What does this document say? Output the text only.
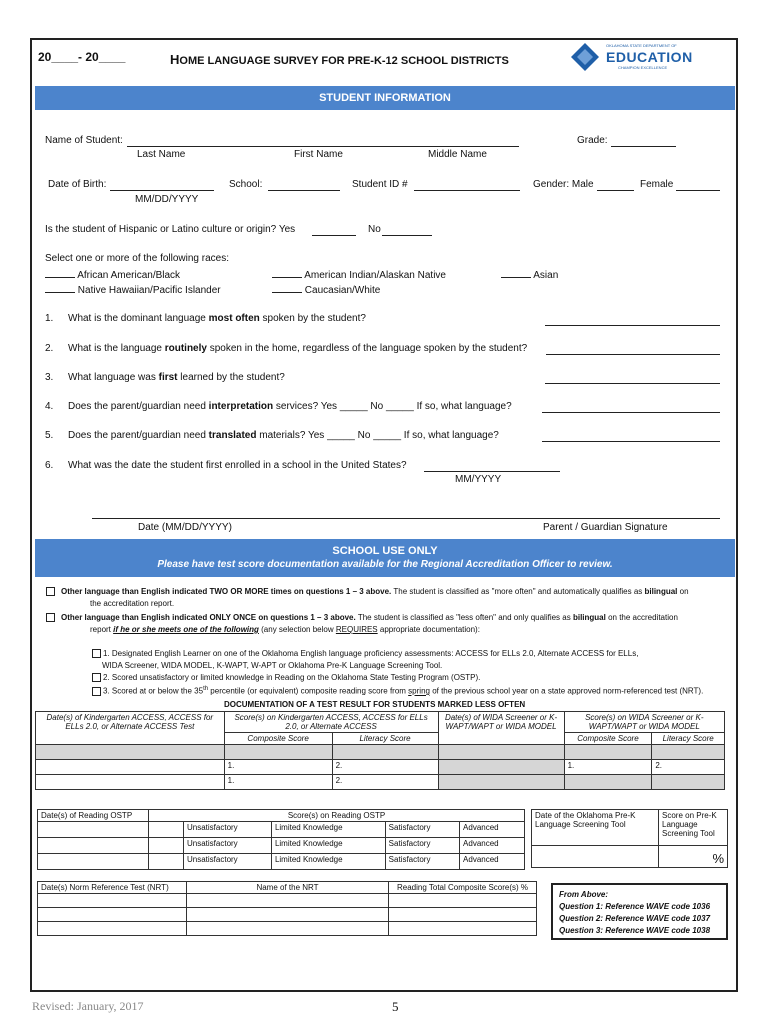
20____- 20____	HOME LANGUAGE SURVEY FOR PRE-K-12 SCHOOL DISTRICTS
OKLAHOMA STATE DEPARTMENT OF
EDUCATION
CHAMPION EXCELLENCE
STUDENT INFORMATION
Name of Student:	Grade:
Last Name	First Name	Middle Name
Date of Birth:
MM/DD/YYYY
School:	Student ID #	Gender: Male	Female
Is the student of Hispanic or Latino culture or origin? Yes	No
Select one or more of the following races:
African American/Black	American Indian/Alaskan Native	Asian
Native Hawaiian/Pacific Islander	Caucasian/White
1. What is the dominant language most often spoken by the student?
2. What is the language routinely spoken in the home, regardless of the language spoken by the student?
3. What language was first learned by the student?
4. Does the parent/guardian need interpretation services? Yes _____ No _____ If so, what language?
5. Does the parent/guardian need translated materials? Yes _____ No _____ If so, what language?
6. What was the date the student first enrolled in a school in the United States?
MM/YYYY
Date (MM/DD/YYYY)	Parent / Guardian Signature
SCHOOL USE ONLY
Please have test score documentation available for the Regional Accreditation Officer to review.
Other language than English indicated TWO OR MORE times on questions 1 – 3 above. The student is classified as "more often" and automatically qualifies as bilingual on
the accreditation report.
Other language than English indicated ONLY ONCE on questions 1 – 3 above. The student is classified as "less often" and only qualifies as bilingual on the accreditation
report if he or she meets one of the following (any selection below REQUIRES appropriate documentation):
1. Designated English Learner on one of the Oklahoma English language proficiency assessments: ACCESS for ELLs 2.0, Alternate ACCESS for ELLs,
WIDA Screener, WIDA MODEL, K-WAPT, W-APT or Oklahoma Pre-K Language Screening Tool.
2. Scored unsatisfactory or limited knowledge in Reading on the Oklahoma State Testing Program (OSTP).
3. Scored at or below the 35th percentile (or equivalent) composite reading score from spring of the previous school year on a state approved norm-referenced test (NRT).
DOCUMENTATION OF A TEST RESULT FOR STUDENTS MARKED LESS OFTEN
Date(s) of Kindergarten ACCESS, ACCESS for ELLs 2.0, or Alternate ACCESS Test	Score(s) on Kindergarten ACCESS, ACCESS for ELLs 2.0, or Alternate ACCESS		Date(s) of WIDA Screener or K-WAPT/WAPT or WIDA MODEL	Score(s) on WIDA Screener or K-WAPT/WAPT or WIDA MODEL	
	Composite Score	Literacy Score		Composite Score	Literacy Score

	1.	2.		1.	2.
	1.	2.			
Date(s) of Reading OSTP	Score(s) on Reading OSTP				
		Unsatisfactory	Limited Knowledge	Satisfactory	Advanced
		Unsatisfactory	Limited Knowledge	Satisfactory	Advanced
		Unsatisfactory	Limited Knowledge	Satisfactory	Advanced
Date of the Oklahoma Pre-K Language Screening Tool	Score on Pre-K Language Screening Tool
	%
Date(s) Norm Reference Test (NRT)	Name of the NRT	Reading Total Composite Score(s) %

From Above:
Question 1: Reference WAVE code 1036
Question 2: Reference WAVE code 1037
Question 3: Reference WAVE code 1038
Revised: January, 2017	5
